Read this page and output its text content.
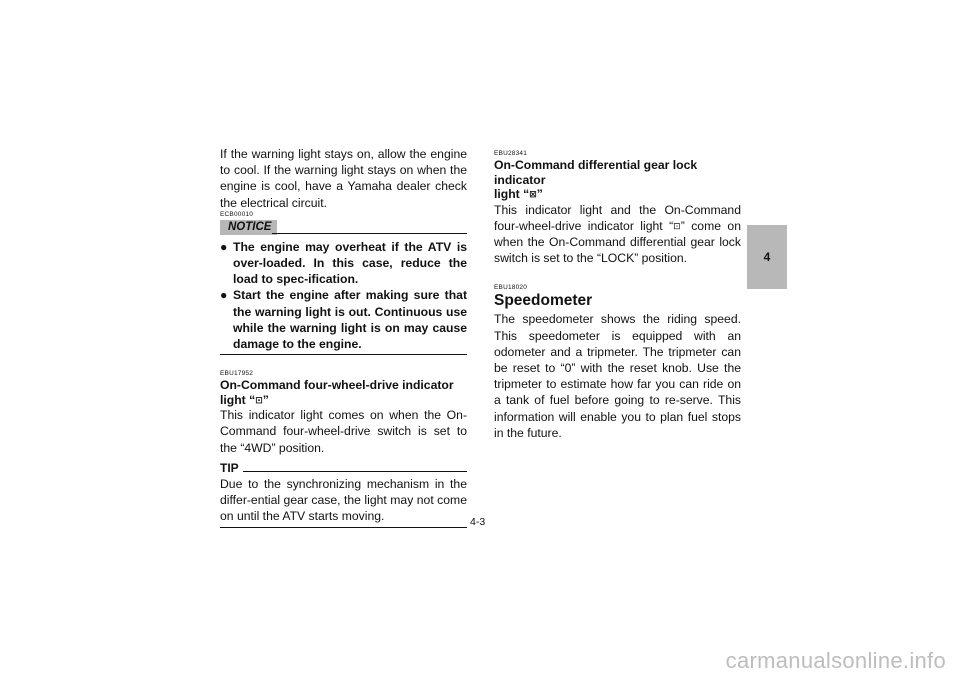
If the warning light stays on, allow the engine to cool. If the warning light stays on when the engine is cool, have a Yamaha dealer check the electrical circuit.

ECB00010

NOTICE
● The engine may overheat if the ATV is over-loaded. In this case, reduce the load to spec-ification.
● Start the engine after making sure that the warning light is out. Continuous use while the warning light is on may cause damage to the engine.

EBU17952

On-Command four-wheel-drive indicator
light “⊡”
This indicator light comes on when the On-Command four-wheel-drive switch is set to the “4WD” position.
TIP
Due to the synchronizing mechanism in the differ-ential gear case, the light may not come on until the ATV starts moving.

EBU28341

On-Command differential gear lock indicator
light “⊠”
This indicator light and the On-Command four-wheel-drive indicator light “⊡” come on when the On-Command differential gear lock switch is set to the “LOCK” position.

EBU18020

Speedometer
The speedometer shows the riding speed. This speedometer is equipped with an odometer and a tripmeter. The tripmeter can be reset to “0” with the reset knob. Use the tripmeter to estimate how far you can ride on a tank of fuel before going to re-serve. This information will enable you to plan fuel stops in the future.
4
4-3
carmanualsonline.info
